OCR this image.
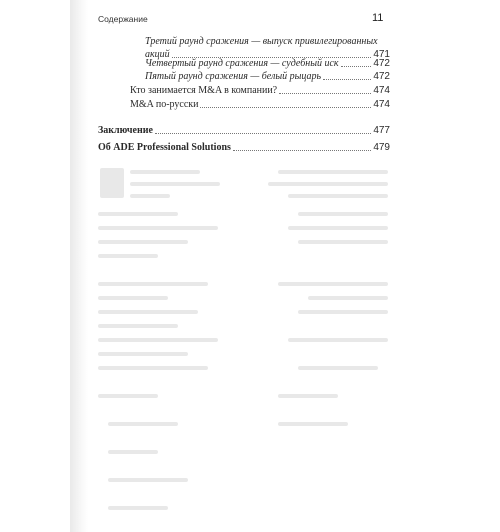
Содержание	11
Третий раунд сражения — выпуск привилегированных
акций	471
Четвертый раунд сражения — судебный иск	472
Пятый раунд сражения — белый рыцарь	472
Кто занимается M&A в компании?	474
M&A по-русски	474
Заключение	477
Об ADE Professional Solutions	479
